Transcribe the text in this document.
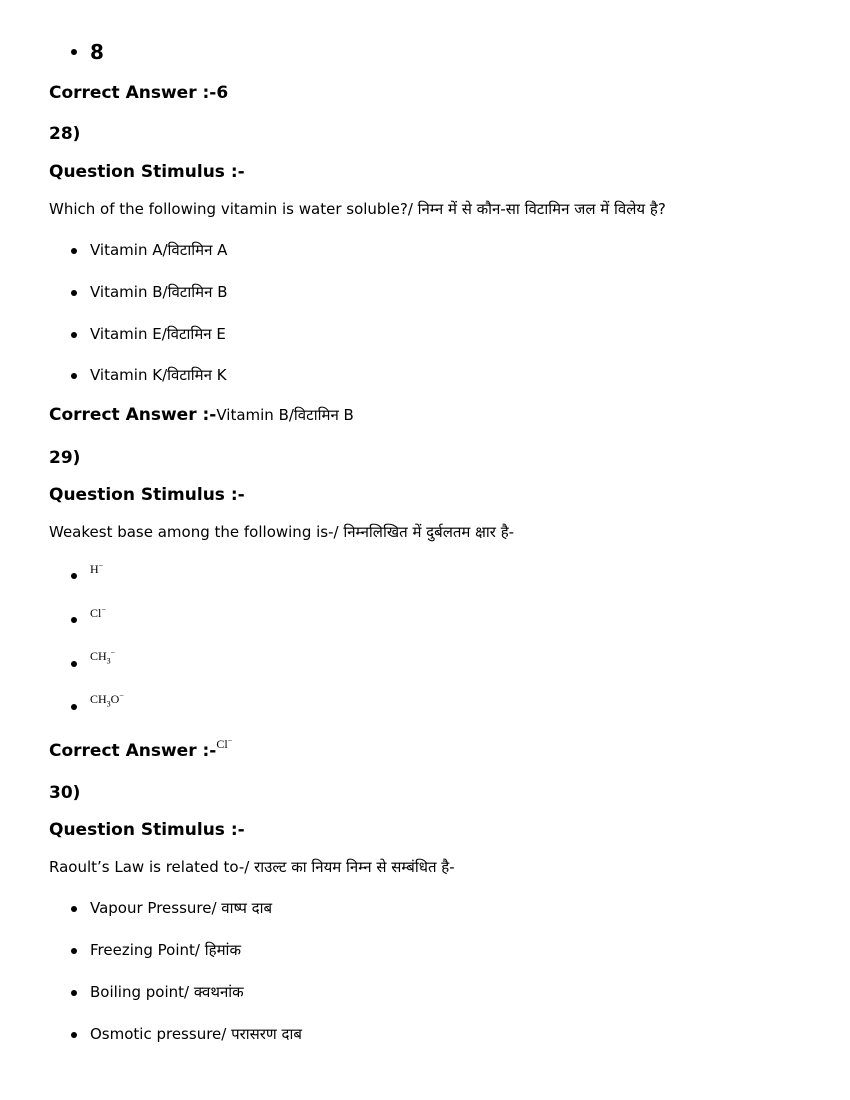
8
Correct Answer :-6
28)
Question Stimulus :-
Which of the following vitamin is water soluble?/ निम्न में से कौन-सा विटामिन जल में विलेय है?
Vitamin A/विटामिन A
Vitamin B/विटामिन B
Vitamin E/विटामिन E
Vitamin K/विटामिन K
Correct Answer :-Vitamin B/विटामिन B
29)
Question Stimulus :-
Weakest base among the following is-/ निम्नलिखित में दुर्बलतम क्षार है-
H−
Cl−
$CH_3^-$
$CH_3O^-$
Correct Answer :-$^{Cl^-}$
30)
Question Stimulus :-
Raoult’s Law is related to-/ राउल्ट का नियम निम्न से सम्बंधित है-
Vapour Pressure/ वाष्प दाब
Freezing Point/ हिमांक
Boiling point/ क्वथनांक
Osmotic pressure/ परासरण दाब
